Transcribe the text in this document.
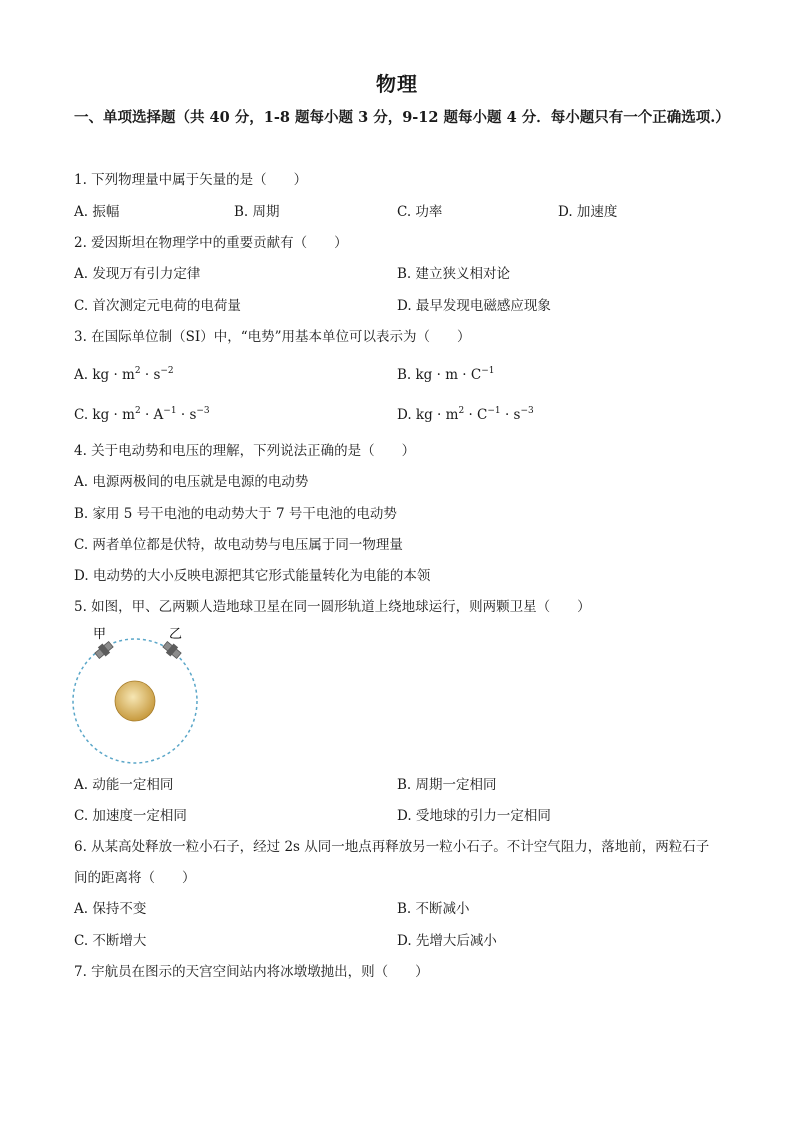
物理
一、单项选择题（共 40 分，1-8 题每小题 3 分，9-12 题每小题 4 分．每小题只有一个正确选项.）
1. 下列物理量中属于矢量的是（　　）
A. 振幅	B. 周期	C. 功率	D. 加速度
2. 爱因斯坦在物理学中的重要贡献有（　　）
A. 发现万有引力定律	B. 建立狭义相对论
C. 首次测定元电荷的电荷量	D. 最早发现电磁感应现象
3. 在国际单位制（SI）中，“电势”用基本单位可以表示为（　　）
A. kg · $m^2 \cdot s^{-2}$	B. kg · $m \cdot C^{-1}$
C. kg · $m^2 \cdot A^{-1} \cdot s^{-3}$	D. kg · $m^2 \cdot C^{-1} \cdot s^{-3}$
4. 关于电动势和电压的理解，下列说法正确的是（　　）
A. 电源两极间的电压就是电源的电动势
B. 家用 5 号干电池的电动势大于 7 号干电池的电动势
C. 两者单位都是伏特，故电动势与电压属于同一物理量
D. 电动势的大小反映电源把其它形式能量转化为电能的本领
5. 如图，甲、乙两颗人造地球卫星在同一圆形轨道上绕地球运行，则两颗卫星（　　）
甲	乙
A. 动能一定相同	B. 周期一定相同
C. 加速度一定相同	D. 受地球的引力一定相同
6. 从某高处释放一粒小石子，经过 2s 从同一地点再释放另一粒小石子。不计空气阻力，落地前，两粒石子
间的距离将（　　）
A. 保持不变	B. 不断减小
C. 不断增大	D. 先增大后减小
7. 宇航员在图示的天宫空间站内将冰墩墩抛出，则（　　）
